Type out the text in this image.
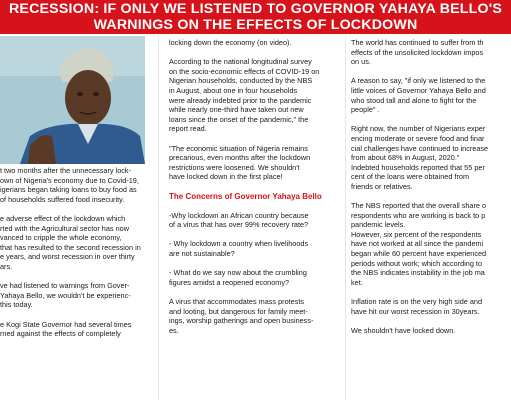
RECESSION: IF ONLY WE LISTENED TO GOVERNOR YAHAYA BELLO'S
WARNINGS ON THE EFFECTS OF LOCKDOWN

t two months after the unnecessary lock-
own of Nigeria's economy due to Covid-19,
igerians began taking loans to buy food as
of households suffered food insecurity.

e adverse effect of the lockdown which
rted with the Agricultural sector has now
vanced to cripple the whole economy,
that has resulted to the second recession in
e years, and worst recession in over thirty
ars.

ve had listened to warnings from Gover-
Yahaya Bello, we wouldn't be experienc-
this today.

e Kogi State Governor had several times
rned against the effects of completely

locking down the economy (on video).

According to the national longitudinal survey
on the socio-economic effects of COVID-19 on
Nigerian households, conducted by the NBS
in August, about one in four households
were already indebted prior to the pandemic
while nearly one-third have taken out new
loans since the onset of the pandemic," the
report read.

"The economic situation of Nigeria remains
precarious, even months after the lockdown
restrictions were loosened. We shouldn't
have locked down in the first place!

The Concerns of Governor Yahaya Bello

-Why lockdown an African country because
of a virus that has over 99% recovery rate?

- Why lockdown a country when livelihoods
are not sustainable?

- What do we say now about the crumbling
figures amidst a reopened economy?

A virus that accommodates mass protests
and looting, but dangerous for family meet-
ings, worship gatherings and open business-
es.

The world has continued to suffer from th
effects of the unsolicited lockdown impos
on us.

A reason to say, "if only we listened to the
little voices of Governor Yahaya Bello and
who stood tall and alone to fight for the
people" .

Right now, the number of Nigerians exper
encing moderate or severe food and finar
cial challenges have continued to increase
from about 68% in August, 2020."
Indebted households reported that 55 per
cent of the loans were obtained from
friends or relatives.

The NBS reported that the overall share o
respondents who are working is back to p
pandemic levels.
However, six percent of the respondents
have not worked at all since the pandemi
began while 60 percent have experienced
periods without work; which according to
the NBS indicates instability in the job ma
ket.

Inflation rate is on the very high side and
have hit our worst recession in 30years.

We shouldn't have locked down.
